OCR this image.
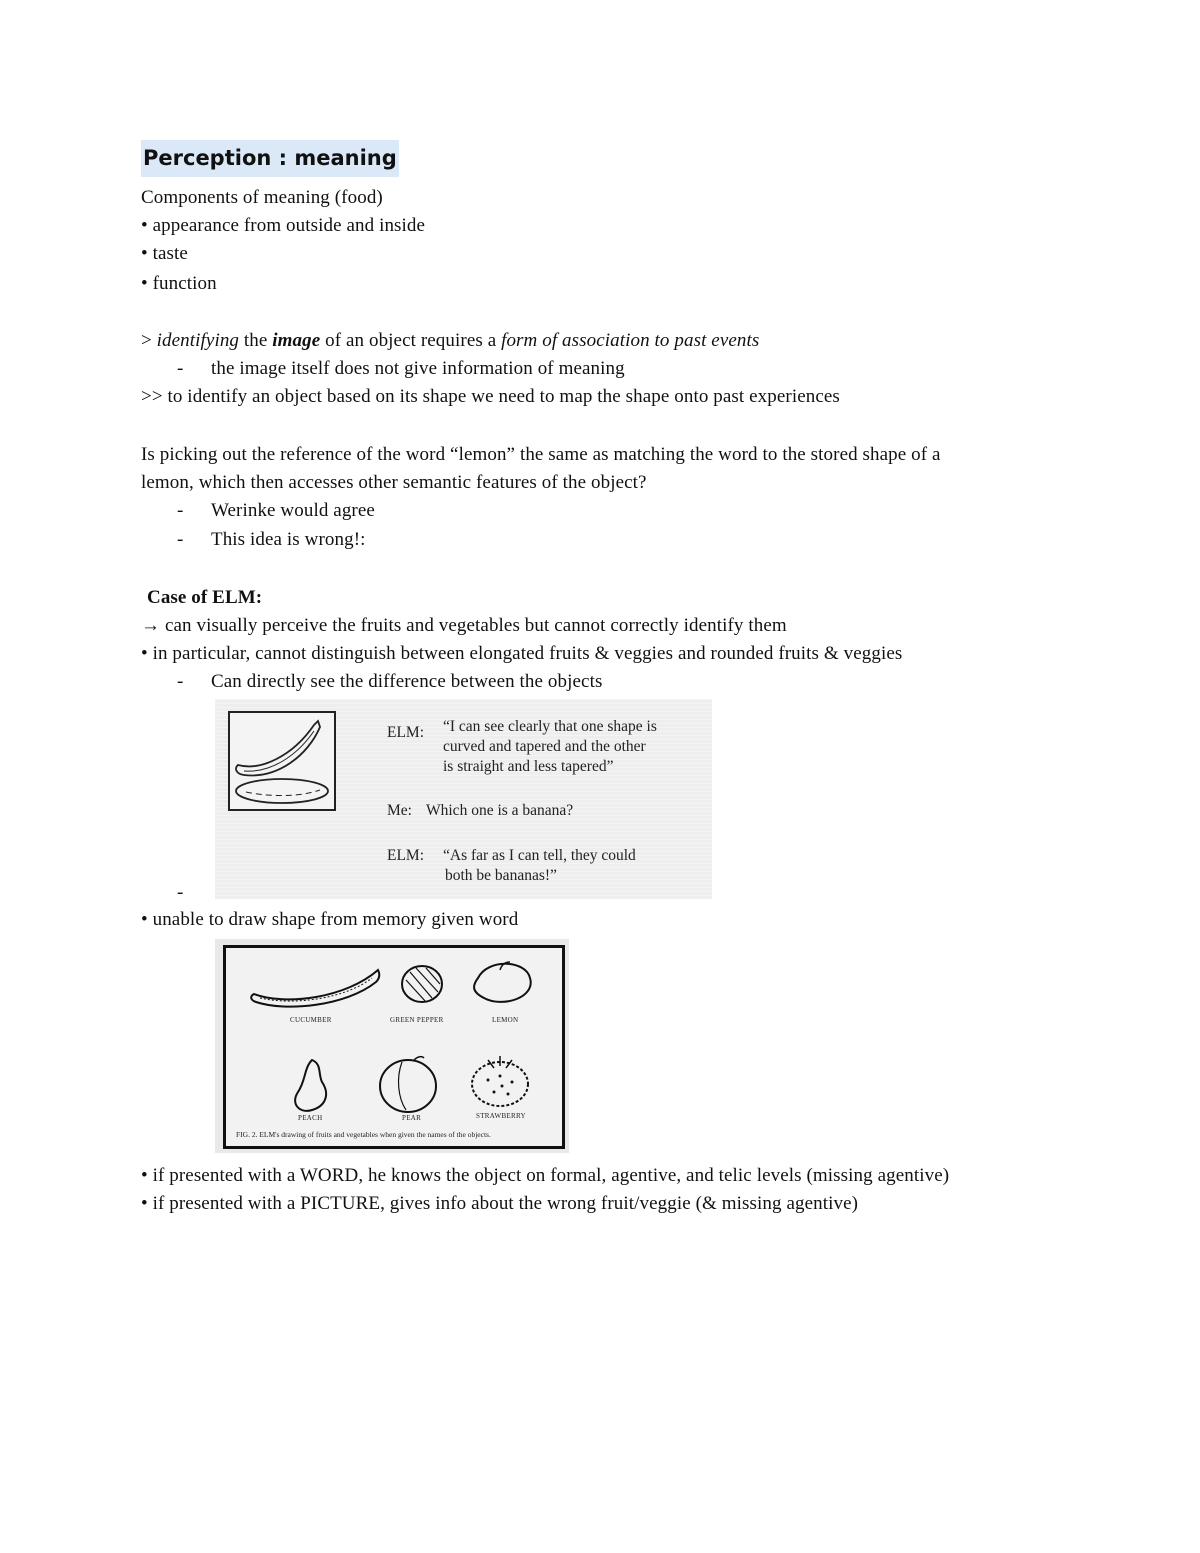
Perception : meaning
Components of meaning (food)
• appearance from outside and inside
• taste
• function
> identifying the image of an object requires a form of association to past events
- the image itself does not give information of meaning
>> to identify an object based on its shape we need to map the shape onto past experiences
Is picking out the reference of the word “lemon” the same as matching the word to the stored shape of a
lemon, which then accesses other semantic features of the object?
- Werinke would agree
- This idea is wrong!:
Case of ELM:
→ can visually perceive the fruits and vegetables but cannot correctly identify them
• in particular, cannot distinguish between elongated fruits & veggies and rounded fruits & veggies
- Can directly see the difference between the objects
ELM: “I can see clearly that one shape is
curved and tapered and the other
is straight and less tapered”
Me: Which one is a banana?
ELM: “As far as I can tell, they could
both be bananas!”
-
• unable to draw shape from memory given word
CUCUMBER	GREEN PEPPER	LEMON
PEACH	PEAR	STRAWBERRY
FIG. 2. ELM's drawing of fruits and vegetables when given the names of the objects.
• if presented with a WORD, he knows the object on formal, agentive, and telic levels (missing agentive)
• if presented with a PICTURE, gives info about the wrong fruit/veggie (& missing agentive)
